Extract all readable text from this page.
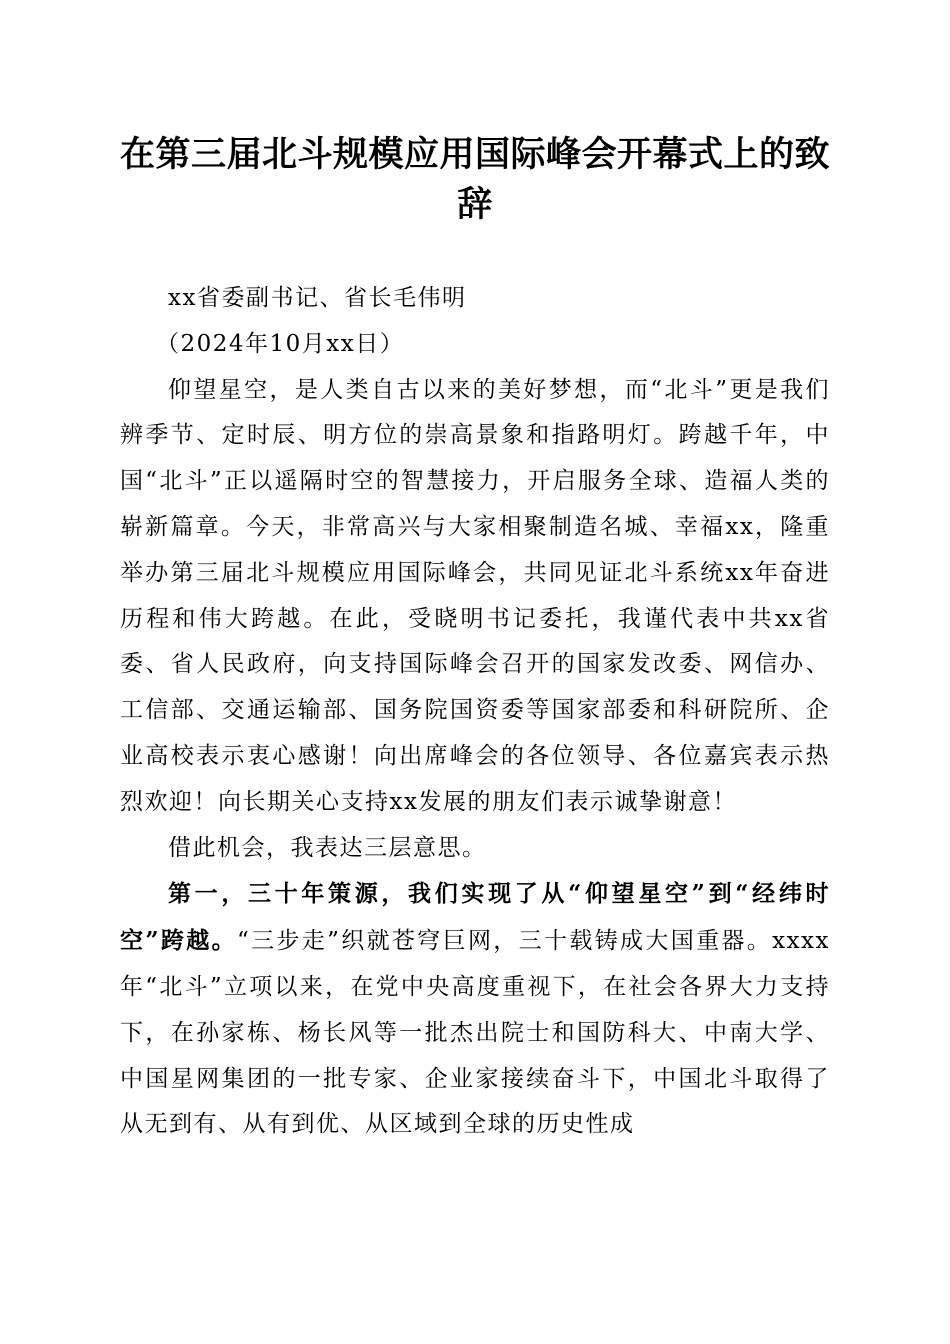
在第三届北斗规模应用国际峰会开幕式上的致辞

xx省委副书记、省长毛伟明

（2024年10月xx日）

仰望星空，是人类自古以来的美好梦想，而“北斗”更是我们辨季节、定时辰、明方位的崇高景象和指路明灯。跨越千年，中国“北斗”正以遥隔时空的智慧接力，开启服务全球、造福人类的崭新篇章。今天，非常高兴与大家相聚制造名城、幸福xx，隆重举办第三届北斗规模应用国际峰会，共同见证北斗系统xx年奋进历程和伟大跨越。在此，受晓明书记委托，我谨代表中共xx省委、省人民政府，向支持国际峰会召开的国家发改委、网信办、工信部、交通运输部、国务院国资委等国家部委和科研院所、企业高校表示衷心感谢！向出席峰会的各位领导、各位嘉宾表示热烈欢迎！向长期关心支持xx发展的朋友们表示诚挚谢意！

借此机会，我表达三层意思。

第一，三十年策源，我们实现了从“仰望星空”到“经纬时空”跨越。“三步走”织就苍穹巨网，三十载铸成大国重器。xxxx年“北斗”立项以来，在党中央高度重视下，在社会各界大力支持下，在孙家栋、杨长风等一批杰出院士和国防科大、中南大学、中国星网集团的一批专家、企业家接续奋斗下，中国北斗取得了从无到有、从有到优、从区域到全球的历史性成
